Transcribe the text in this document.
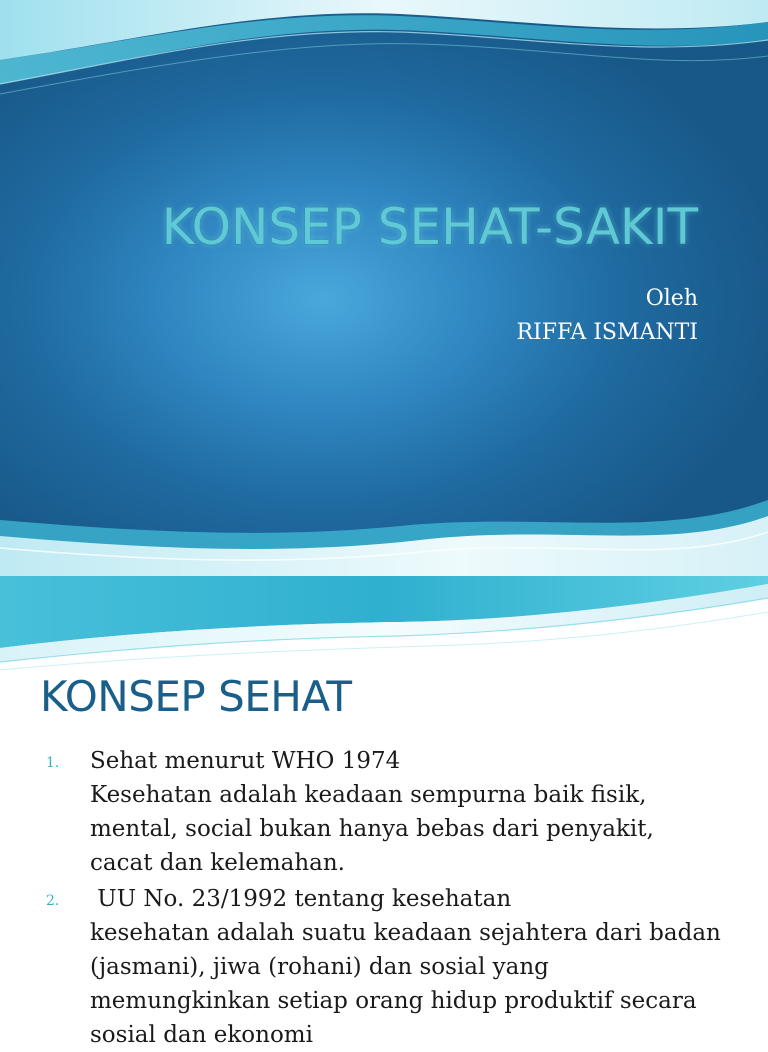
KONSEP SEHAT-SAKIT
Oleh
RIFFA ISMANTI
KONSEP SEHAT
1. Sehat menurut WHO 1974
Kesehatan adalah keadaan sempurna baik fisik,
mental, social bukan hanya bebas dari penyakit,
cacat dan kelemahan.
2. UU No. 23/1992 tentang kesehatan
kesehatan adalah suatu keadaan sejahtera dari badan
(jasmani), jiwa (rohani) dan sosial yang
memungkinkan setiap orang hidup produktif secara
sosial dan ekonomi
